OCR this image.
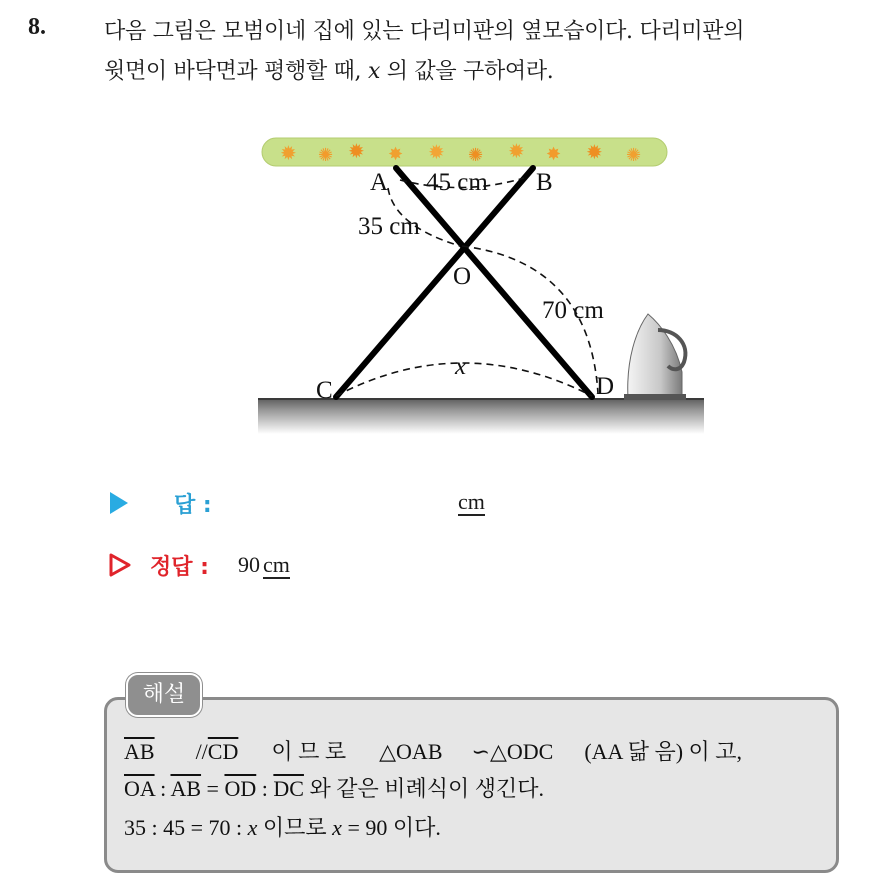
8.	다음 그림은 모범이네 집에 있는 다리미판의 옆모습이다. 다리미판의
윗면이 바닥면과 평행할 때, x 의 값을 구하여라.
✹ ✺ ✹ ✸ ✹ ✺ ✹ ✸ ✹ ✺
A	B
O
C	D
45 cm
35 cm
70 cm
x
답 :	cm
정답 : 90 cm
해설
$\overline{AB}$ $//\overline{CD}$ 이 므 로 △OAB ∽△ODC (AA 닮 음) 이 고,
$\overline{OA}$ : $\overline{AB} = \overline{OD}$ : $\overline{DC}$ 와 같은 비례식이 생긴다.
35 : 45 = 70 : x 이므로 x = 90 이다.
